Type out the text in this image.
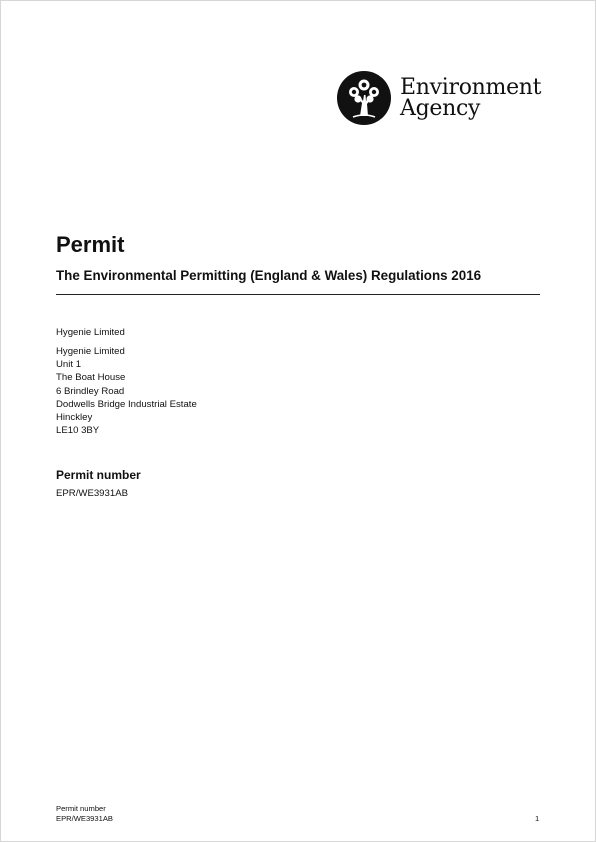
Environment
Agency
Permit
The Environmental Permitting (England & Wales) Regulations 2016
Hygenie Limited
Hygenie Limited
Unit 1
The Boat House
6 Brindley Road
Dodwells Bridge Industrial Estate
Hinckley
LE10 3BY
Permit number
EPR/WE3931AB
Permit number
EPR/WE3931AB	1
